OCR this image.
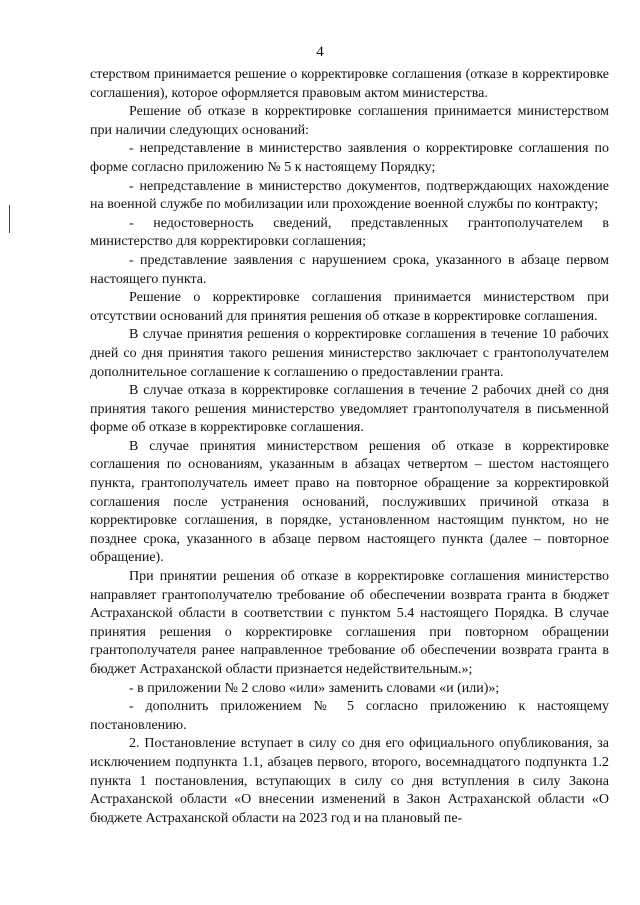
4

стерством принимается решение о корректировке соглашения (отказе в корректировке соглашения), которое оформляется правовым актом министерства.

Решение об отказе в корректировке соглашения принимается министерством при наличии следующих оснований:

- непредставление в министерство заявления о корректировке соглашения по форме согласно приложению № 5 к настоящему Порядку;

- непредставление в министерство документов, подтверждающих нахождение на военной службе по мобилизации или прохождение военной службы по контракту;

- недостоверность сведений, представленных грантополучателем в министерство для корректировки соглашения;

- представление заявления с нарушением срока, указанного в абзаце первом настоящего пункта.

Решение о корректировке соглашения принимается министерством при отсутствии оснований для принятия решения об отказе в корректировке соглашения.

В случае принятия решения о корректировке соглашения в течение 10 рабочих дней со дня принятия такого решения министерство заключает с грантополучателем дополнительное соглашение к соглашению о предоставлении гранта.

В случае отказа в корректировке соглашения в течение 2 рабочих дней со дня принятия такого решения министерство уведомляет грантополучателя в письменной форме об отказе в корректировке соглашения.

В случае принятия министерством решения об отказе в корректировке соглашения по основаниям, указанным в абзацах четвертом – шестом настоящего пункта, грантополучатель имеет право на повторное обращение за корректировкой соглашения после устранения оснований, послуживших причиной отказа в корректировке соглашения, в порядке, установленном настоящим пунктом, но не позднее срока, указанного в абзаце первом настоящего пункта (далее – повторное обращение).

При принятии решения об отказе в корректировке соглашения министерство направляет грантополучателю требование об обеспечении возврата гранта в бюджет Астраханской области в соответствии с пунктом 5.4 настоящего Порядка. В случае принятия решения о корректировке соглашения при повторном обращении грантополучателя ранее направленное требование об обеспечении возврата гранта в бюджет Астраханской области признается недействительным.»;

- в приложении № 2 слово «или» заменить словами «и (или)»;

- дополнить приложением № 5 согласно приложению к настоящему постановлению.

2. Постановление вступает в силу со дня его официального опубликования, за исключением подпункта 1.1, абзацев первого, второго, восемнадцатого подпункта 1.2 пункта 1 постановления, вступающих в силу со дня вступления в силу Закона Астраханской области «О внесении изменений в Закон Астраханской области «О бюджете Астраханской области на 2023 год и на плановый пе-
